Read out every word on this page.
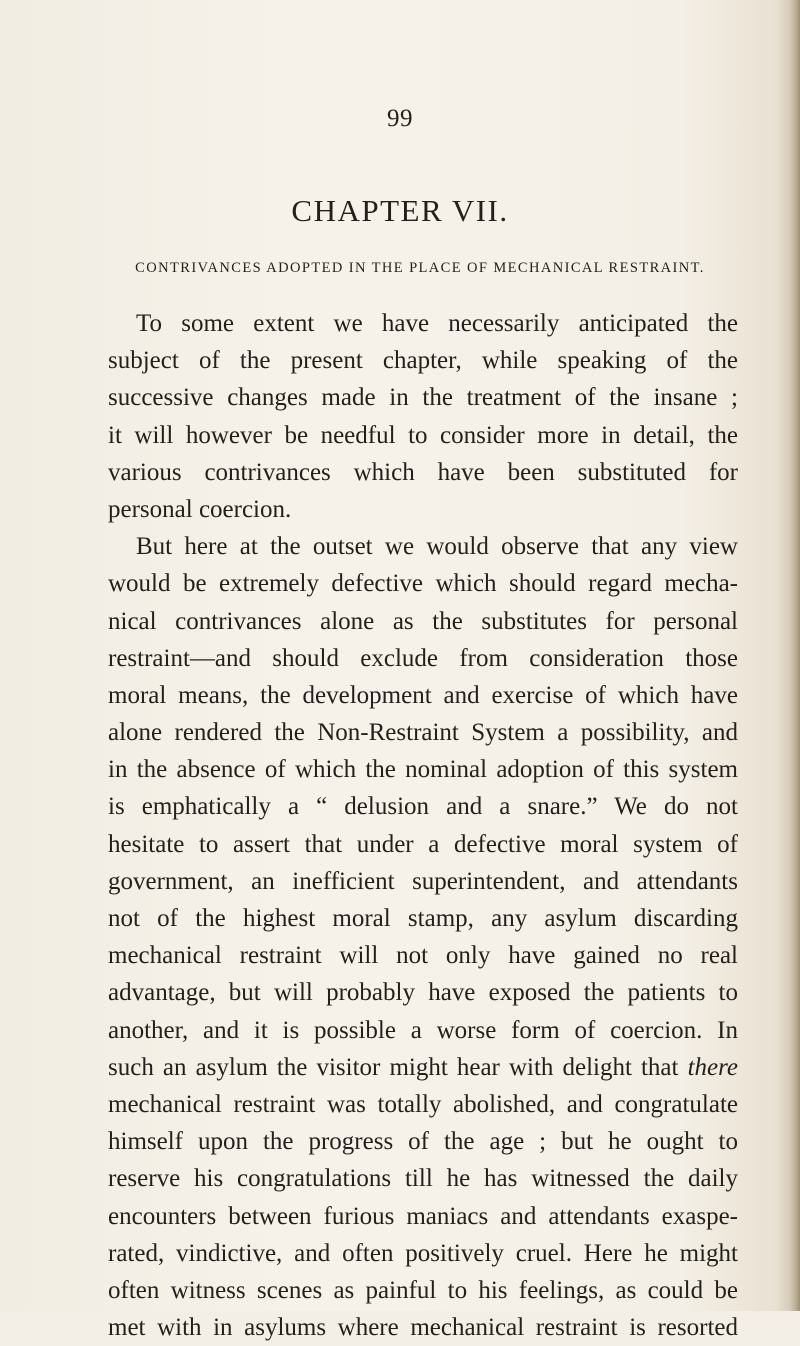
99
CHAPTER VII.
CONTRIVANCES ADOPTED IN THE PLACE OF MECHANICAL RESTRAINT.
To some extent we have necessarily anticipated the
subject of the present chapter, while speaking of the
successive changes made in the treatment of the insane ;
it will however be needful to consider more in detail, the
various contrivances which have been substituted for
personal coercion.
But here at the outset we would observe that any view
would be extremely defective which should regard mecha-
nical contrivances alone as the substitutes for personal
restraint—and should exclude from consideration those
moral means, the development and exercise of which have
alone rendered the Non-Restraint System a possibility, and
in the absence of which the nominal adoption of this system
is emphatically a “ delusion and a snare.” We do not
hesitate to assert that under a defective moral system of
government, an inefficient superintendent, and attendants
not of the highest moral stamp, any asylum discarding
mechanical restraint will not only have gained no real
advantage, but will probably have exposed the patients to
another, and it is possible a worse form of coercion. In
such an asylum the visitor might hear with delight that there
mechanical restraint was totally abolished, and congratulate
himself upon the progress of the age ; but he ought to
reserve his congratulations till he has witnessed the daily
encounters between furious maniacs and attendants exaspe-
rated, vindictive, and often positively cruel. Here he might
often witness scenes as painful to his feelings, as could be
met with in asylums where mechanical restraint is resorted
